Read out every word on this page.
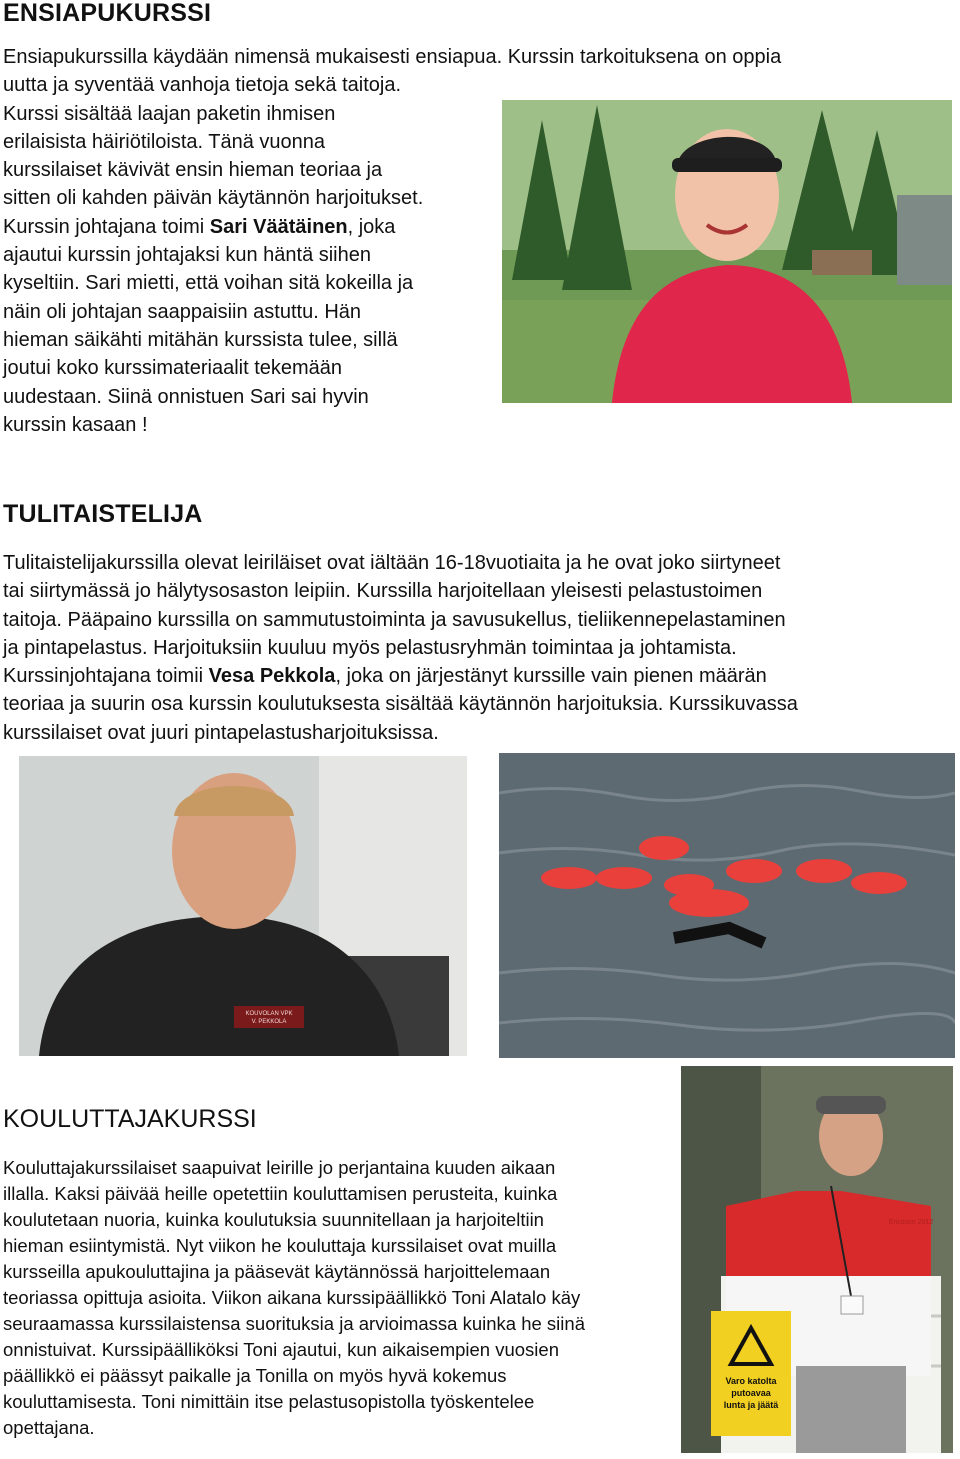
ENSIAPUKURSSI
Ensiapukurssilla käydään nimensä mukaisesti ensiapua. Kurssin tarkoituksena on oppia
uutta ja syventää vanhoja tietoja sekä taitoja.
Kurssi sisältää laajan paketin ihmisen
erilaisista häiriötiloista. Tänä vuonna
kurssilaiset kävivät ensin hieman teoriaa ja
sitten oli kahden päivän käytännön harjoitukset.
Kurssin johtajana toimi Sari Väätäinen, joka
ajautui kurssin johtajaksi kun häntä siihen
kyseltiin. Sari mietti, että voihan sitä kokeilla ja
näin oli johtajan saappaisiin astuttu. Hän
hieman säikähti mitähän kurssista tulee, sillä
joutui koko kurssimateriaalit tekemään
uudestaan. Siinä onnistuen Sari sai hyvin
kurssin kasaan !
TULITAISTELIJA
Tulitaistelijakurssilla olevat leiriläiset ovat iältään 16-18vuotiaita ja he ovat joko siirtyneet
tai siirtymässä jo hälytysosaston leipiin. Kurssilla harjoitellaan yleisesti pelastustoimen
taitoja. Pääpaino kurssilla on sammutustoiminta ja savusukellus, tieliikennepelastaminen
ja pintapelastus. Harjoituksiin kuuluu myös pelastusryhmän toimintaa ja johtamista.
Kurssinjohtajana toimii Vesa Pekkola, joka on järjestänyt kurssille vain pienen määrän
teoriaa ja suurin osa kurssin koulutuksesta sisältää käytännön harjoituksia. Kurssikuvassa
kurssilaiset ovat juuri pintapelastusharjoituksissa.
KOUVOLAN VPK
V. PEKKOLA
KOULUTTAJAKURSSI
Kouluttajakurssilaiset saapuivat leirille jo perjantaina kuuden aikaan
illalla. Kaksi päivää heille opetettiin kouluttamisen perusteita, kuinka
koulutetaan nuoria, kuinka koulutuksia suunnitellaan ja harjoiteltiin
hieman esiintymistä. Nyt viikon he kouluttaja kurssilaiset ovat muilla
kursseilla apukouluttajina ja pääsevät käytännössä harjoittelemaan
teoriassa opittuja asioita. Viikon aikana kurssipäällikkö Toni Alatalo käy
seuraamassa kurssilaistensa suorituksia ja arvioimassa kuinka he siinä
onnistuivat. Kurssipäälliköksi Toni ajautui, kun aikaisempien vuosien
päällikkö ei päässyt paikalle ja Tonilla on myös hyvä kokemus
kouluttamisesta. Toni nimittäin itse pelastusopistolla työskentelee
opettajana.
Ericsson 2012
Varo katolta
putoavaa
lunta ja jäätä
